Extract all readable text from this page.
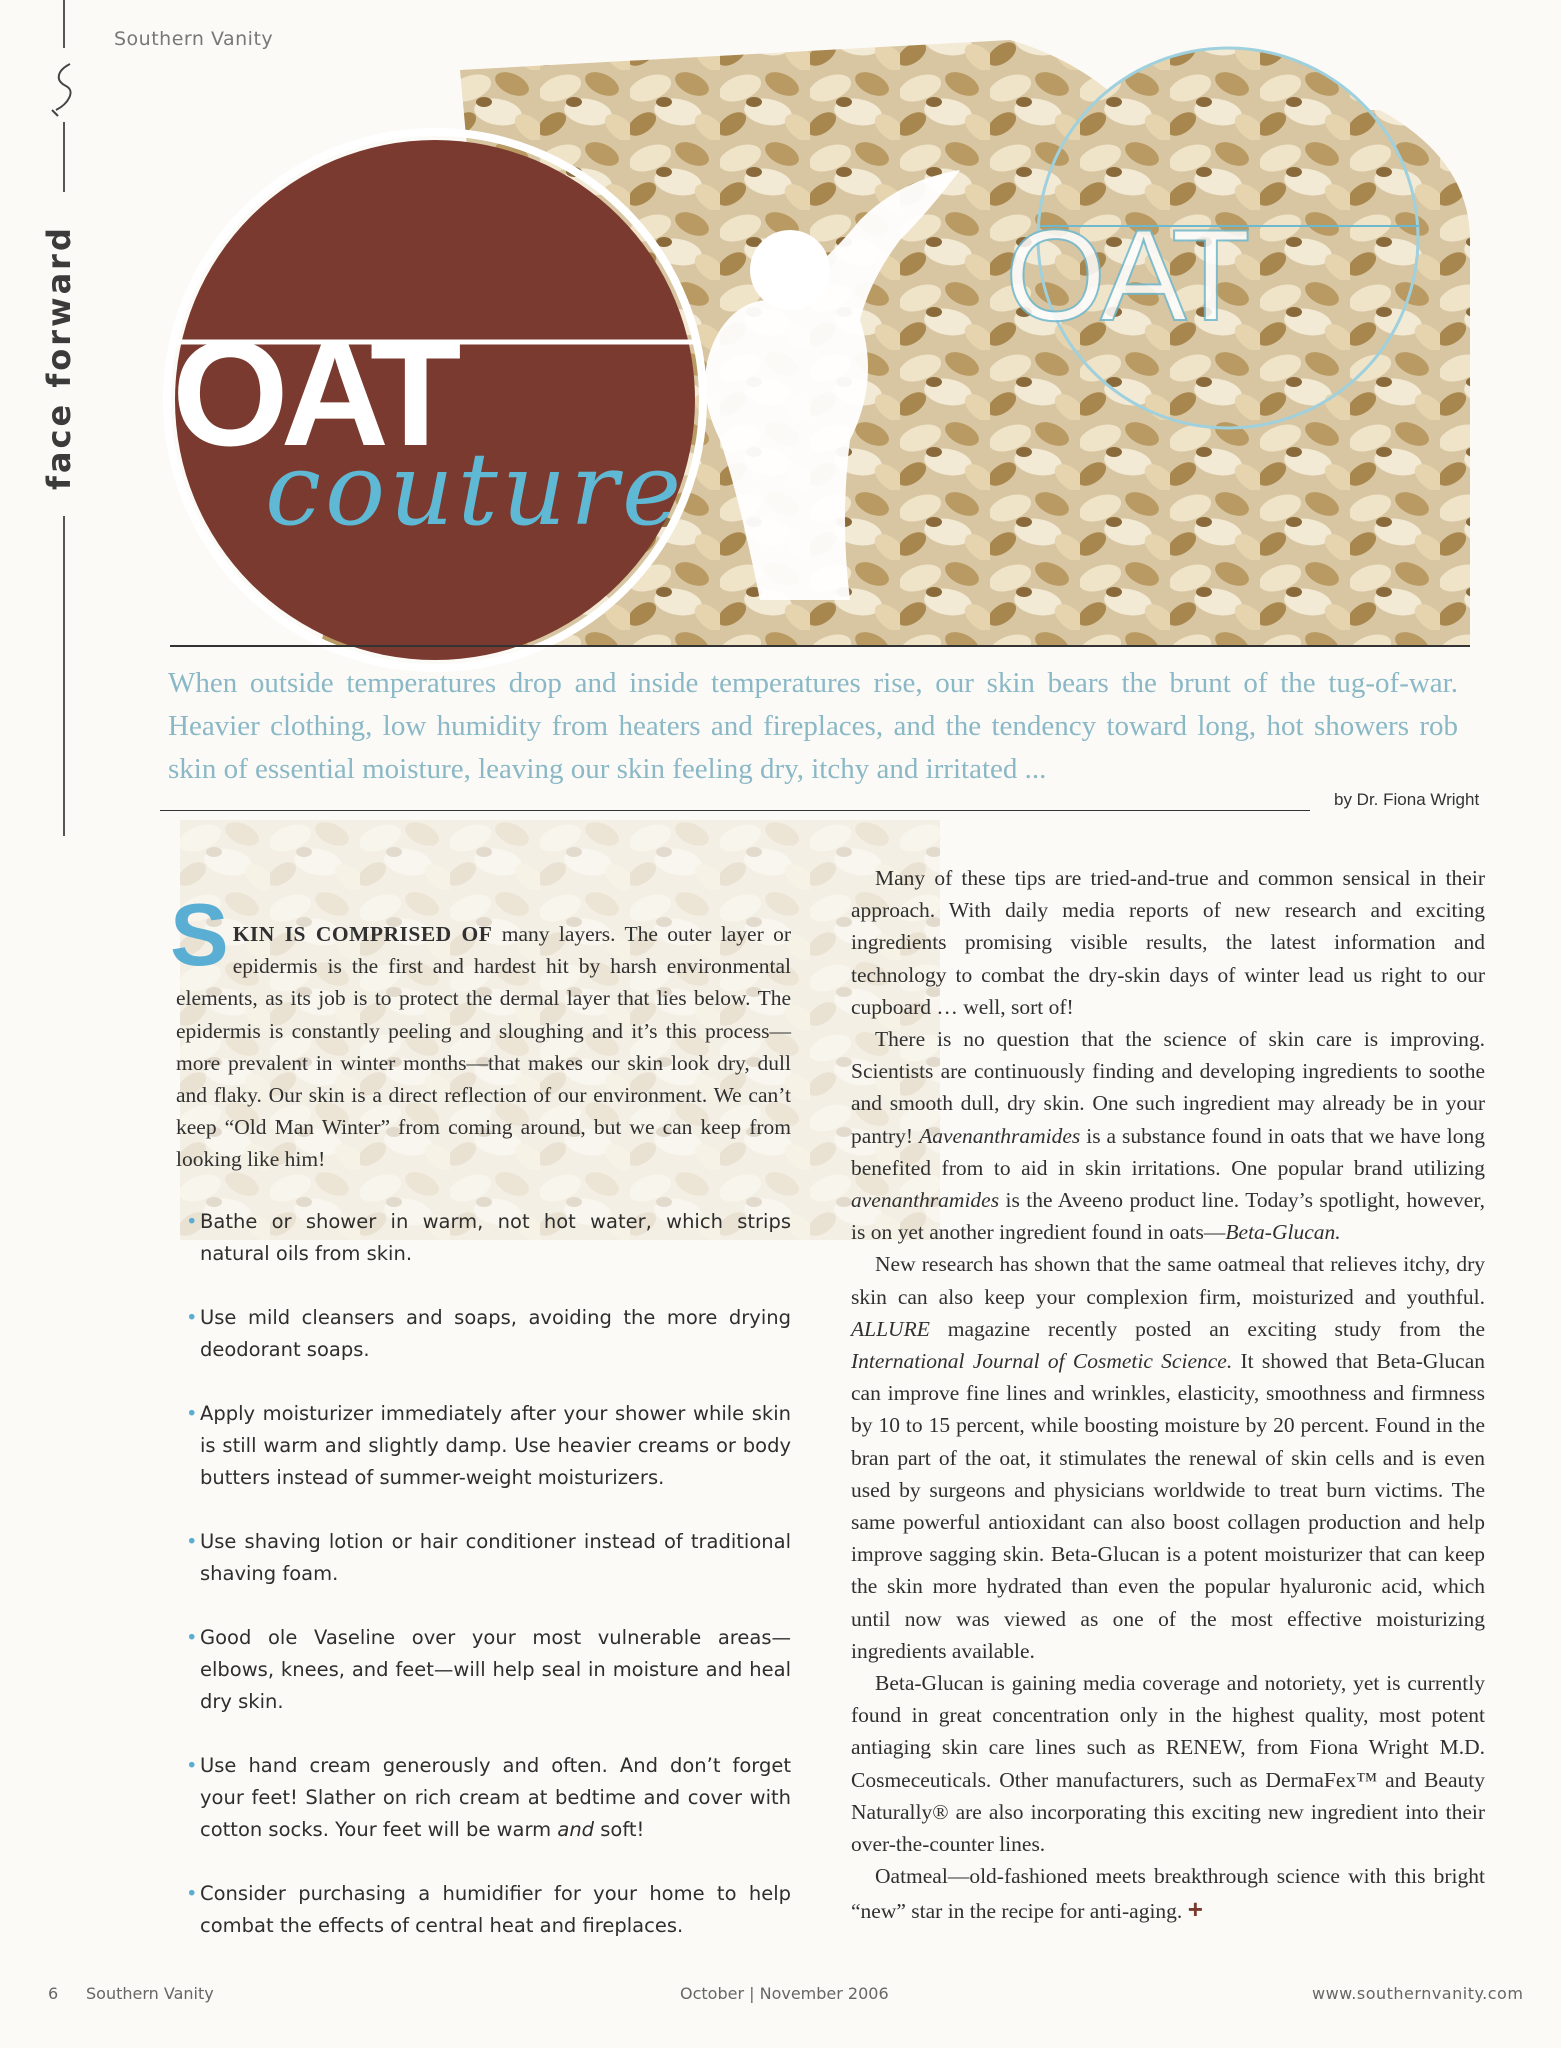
Southern Vanity
face forward OAT
couture
OAT
When outside temperatures drop and inside temperatures rise, our skin bears the brunt of the tug-of-war. Heavier clothing, low humidity from heaters and fireplaces, and the tendency toward long, hot showers rob skin of essential moisture, leaving our skin feeling dry, itchy and irritated ...
by Dr. Fiona Wright

SKIN IS COMPRISED OF many layers. The outer layer or epidermis is the first and hardest hit by harsh environmental elements, as its job is to protect the dermal layer that lies below. The epidermis is constantly peeling and sloughing and it’s this process—more prevalent in winter months—that makes our skin look dry, dull and flaky. Our skin is a direct reflection of our environment. We can’t keep “Old Man Winter” from coming around, but we can keep from looking like him!

• Bathe or shower in warm, not hot water, which strips natural oils from skin.
• Use mild cleansers and soaps, avoiding the more drying deodorant soaps.
• Apply moisturizer immediately after your shower while skin is still warm and slightly damp. Use heavier creams or body butters instead of summer-weight moisturizers.
• Use shaving lotion or hair conditioner instead of traditional shaving foam.
• Good ole Vaseline over your most vulnerable areas—elbows, knees, and feet—will help seal in moisture and heal dry skin.
• Use hand cream generously and often. And don’t forget your feet! Slather on rich cream at bedtime and cover with cotton socks. Your feet will be warm and soft!
• Consider purchasing a humidifier for your home to help combat the effects of central heat and fireplaces.

Many of these tips are tried-and-true and common sensical in their approach. With daily media reports of new research and exciting ingredients promising visible results, the latest information and technology to combat the dry-skin days of winter lead us right to our cupboard … well, sort of!

There is no question that the science of skin care is improving. Scientists are continuously finding and developing ingredients to soothe and smooth dull, dry skin. One such ingredient may already be in your pantry! Aavenanthramides is a substance found in oats that we have long benefited from to aid in skin irritations. One popular brand utilizing avenanthramides is the Aveeno product line. Today’s spotlight, however, is on yet another ingredient found in oats—Beta-Glucan.

New research has shown that the same oatmeal that relieves itchy, dry skin can also keep your complexion firm, moisturized and youthful. ALLURE magazine recently posted an exciting study from the International Journal of Cosmetic Science. It showed that Beta-Glucan can improve fine lines and wrinkles, elasticity, smoothness and firmness by 10 to 15 percent, while boosting moisture by 20 percent. Found in the bran part of the oat, it stimulates the renewal of skin cells and is even used by surgeons and physicians worldwide to treat burn victims. The same powerful antioxidant can also boost collagen production and help improve sagging skin. Beta-Glucan is a potent moisturizer that can keep the skin more hydrated than even the popular hyaluronic acid, which until now was viewed as one of the most effective moisturizing ingredients available.

Beta-Glucan is gaining media coverage and notoriety, yet is currently found in great concentration only in the highest quality, most potent antiaging skin care lines such as RENEW, from Fiona Wright M.D. Cosmeceuticals. Other manufacturers, such as DermaFex™ and Beauty Naturally® are also incorporating this exciting new ingredient into their over-the-counter lines.

Oatmeal—old-fashioned meets breakthrough science with this bright “new” star in the recipe for anti-aging. +

6 Southern Vanity	October | November 2006	www.southernvanity.com
